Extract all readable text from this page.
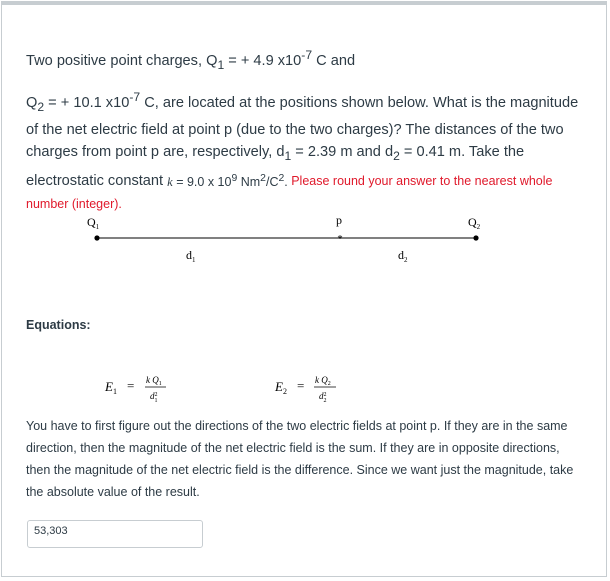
Two positive point charges, $Q_1$ = + 4.9 $x10^{-7}$ C and

$Q_2$ = + 10.1 $x10^{-7}$ C, are located at the positions shown below. What is the magnitude

of the net electric field at point p (due to the two charges)? The distances of the two

charges from point p are, respectively, $d_1 = 2.39$ m and $d_2 = 0.41$ m. Take the

electrostatic constant k = 9.0 x $10^9$ $Nm^2/C^2$. Please round your answer to the nearest whole

number (integer).

*
$Q_1$	p	$Q_2$
$d_1$	$d_2$
Equations:
$E_1 = k$ $Q_1$
$d^2$ 1
$E_2 = k$ $Q_2$
$d^2$ 2
You have to first figure out the directions of the two electric fields at point p. If they are in the same
direction, then the magnitude of the net electric field is the sum. If they are in opposite directions,
then the magnitude of the net electric field is the difference. Since we want just the magnitude, take
the absolute value of the result.
53,303
